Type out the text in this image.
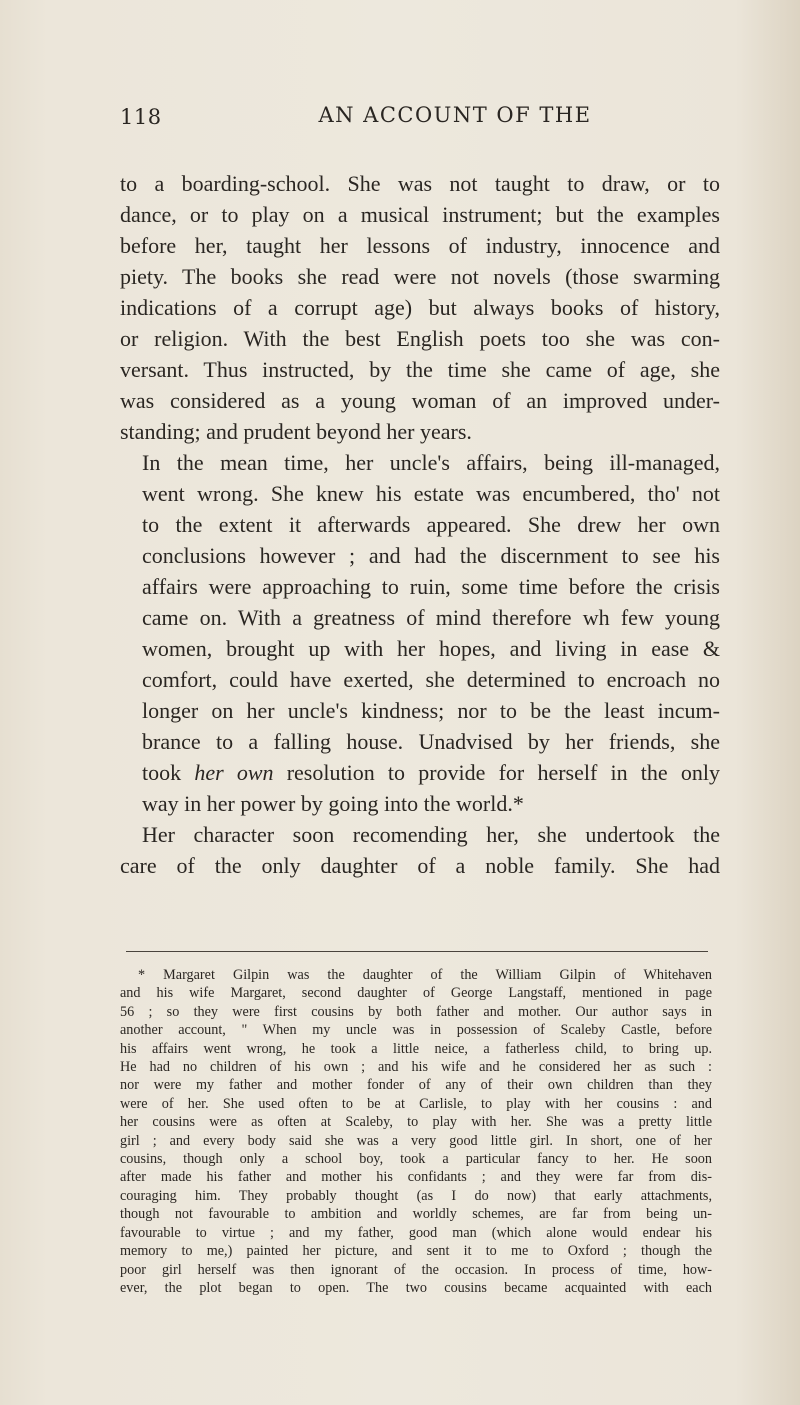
118	AN ACCOUNT OF THE

to a boarding-school. She was not taught to draw, or to
dance, or to play on a musical instrument; but the examples
before her, taught her lessons of industry, innocence and
piety. The books she read were not novels (those swarming
indications of a corrupt age) but always books of history,
or religion. With the best English poets too she was con-
versant. Thus instructed, by the time she came of age, she
was considered as a young woman of an improved under-
standing; and prudent beyond her years.

In the mean time, her uncle's affairs, being ill-managed,
went wrong. She knew his estate was encumbered, tho' not
to the extent it afterwards appeared. She drew her own
conclusions however ; and had the discernment to see his
affairs were approaching to ruin, some time before the crisis
came on. With a greatness of mind therefore wh few young
women, brought up with her hopes, and living in ease &
comfort, could have exerted, she determined to encroach no
longer on her uncle's kindness; nor to be the least incum-
brance to a falling house. Unadvised by her friends, she
took her own resolution to provide for herself in the only
way in her power by going into the world.*

Her character soon recomending her, she undertook the
care of the only daughter of a noble family. She had

* Margaret Gilpin was the daughter of the William Gilpin of Whitehaven
and his wife Margaret, second daughter of George Langstaff, mentioned in page
56 ; so they were first cousins by both father and mother. Our author says in
another account, " When my uncle was in possession of Scaleby Castle, before
his affairs went wrong, he took a little neice, a fatherless child, to bring up.
He had no children of his own ; and his wife and he considered her as such :
nor were my father and mother fonder of any of their own children than they
were of her. She used often to be at Carlisle, to play with her cousins : and
her cousins were as often at Scaleby, to play with her. She was a pretty little
girl ; and every body said she was a very good little girl. In short, one of her
cousins, though only a school boy, took a particular fancy to her. He soon
after made his father and mother his confidants ; and they were far from dis-
couraging him. They probably thought (as I do now) that early attachments,
though not favourable to ambition and worldly schemes, are far from being un-
favourable to virtue ; and my father, good man (which alone would endear his
memory to me,) painted her picture, and sent it to me to Oxford ; though the
poor girl herself was then ignorant of the occasion. In process of time, how-
ever, the plot began to open. The two cousins became acquainted with each
